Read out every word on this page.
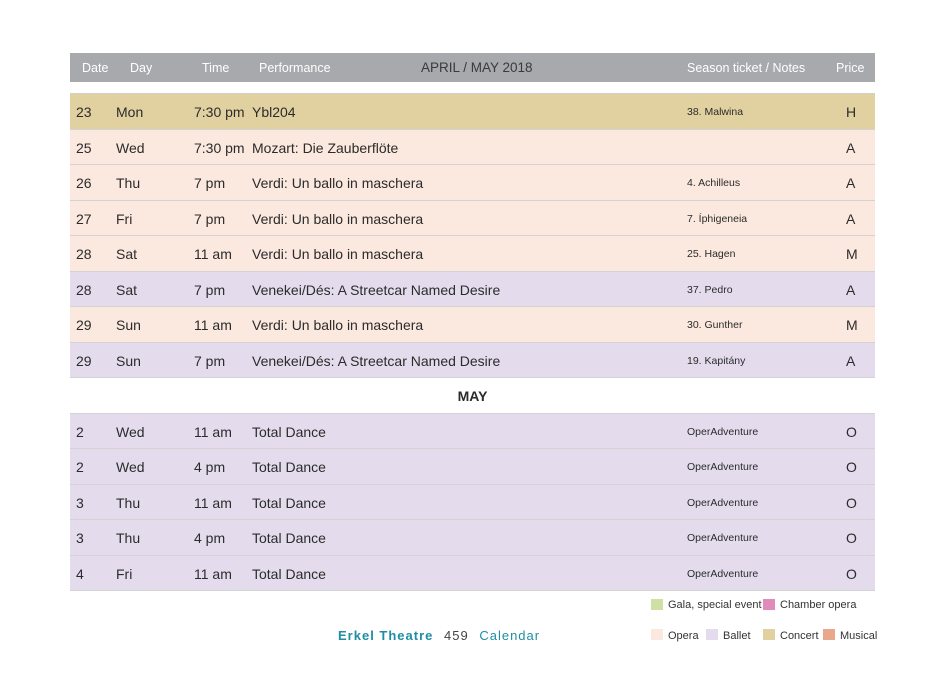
Date Day	Time Performance	APRIL / MAY 2018	Season ticket / Notes Price
23 Mon	7:30 pm Ybl204	38. Malwina	H
25 Wed	7:30 pm Mozart: Die Zauberflöte	A
26 Thu	7 pm Verdi: Un ballo in maschera	4. Achilleus	A
27 Fri	7 pm Verdi: Un ballo in maschera	7. Íphigeneia	A
28 Sat	11 am Verdi: Un ballo in maschera	25. Hagen	M
28 Sat	7 pm Venekei/Dés: A Streetcar Named Desire	37. Pedro	A
29 Sun	11 am Verdi: Un ballo in maschera	30. Gunther	M
29 Sun	7 pm Venekei/Dés: A Streetcar Named Desire	19. Kapitány	A
MAY
2 Wed	11 am Total Dance	OperAdventure	O
2 Wed	4 pm Total Dance	OperAdventure	O
3 Thu	11 am Total Dance	OperAdventure	O
3 Thu	4 pm Total Dance	OperAdventure	O
4 Fri	11 am Total Dance	OperAdventure	O
Gala, special event Chamber opera
Opera Ballet	Concert Musical
Erkel Theatre 459 Calendar
